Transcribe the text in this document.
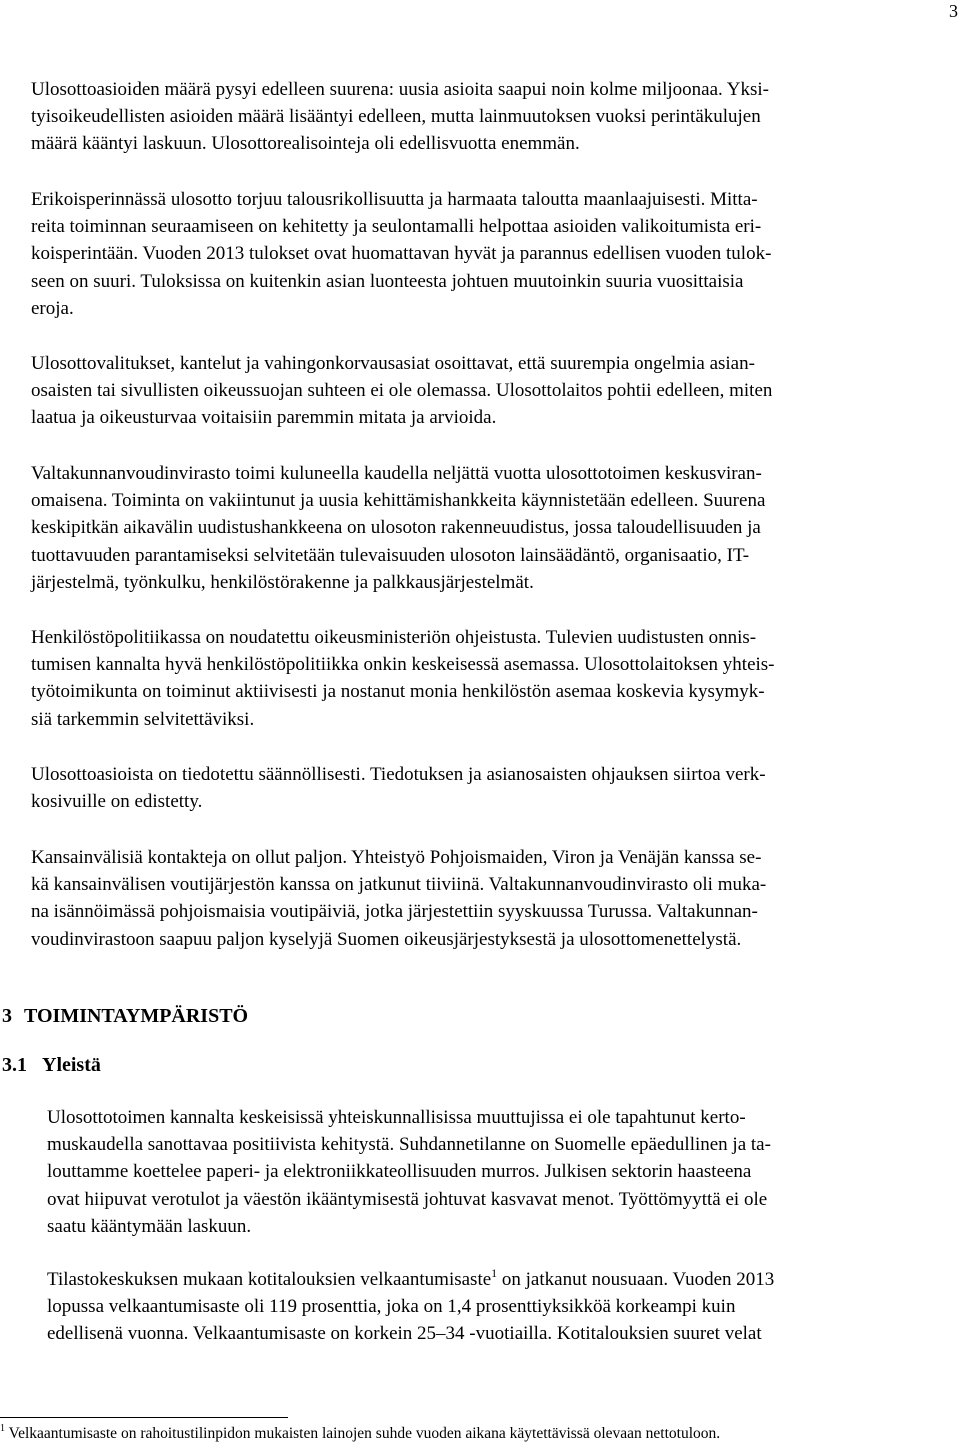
3
Ulosottoasioiden määrä pysyi edelleen suurena: uusia asioita saapui noin kolme miljoonaa. Yksi-
tyisoikeudellisten asioiden määrä lisääntyi edelleen, mutta lainmuutoksen vuoksi perintäkulujen
määrä kääntyi laskuun. Ulosottorealisointeja oli edellisvuotta enemmän.
Erikoisperinnässä ulosotto torjuu talousrikollisuutta ja harmaata taloutta maanlaajuisesti. Mitta-
reita toiminnan seuraamiseen on kehitetty ja seulontamalli helpottaa asioiden valikoitumista eri-
koisperintään. Vuoden 2013 tulokset ovat huomattavan hyvät ja parannus edellisen vuoden tulok-
seen on suuri. Tuloksissa on kuitenkin asian luonteesta johtuen muutoinkin suuria vuosittaisia
eroja.
Ulosottovalitukset, kantelut ja vahingonkorvausasiat osoittavat, että suurempia ongelmia asian-
osaisten tai sivullisten oikeussuojan suhteen ei ole olemassa. Ulosottolaitos pohtii edelleen, miten
laatua ja oikeusturvaa voitaisiin paremmin mitata ja arvioida.
Valtakunnanvoudinvirasto toimi kuluneella kaudella neljättä vuotta ulosottotoimen keskusviran-
omaisena. Toiminta on vakiintunut ja uusia kehittämishankkeita käynnistetään edelleen. Suurena
keskipitkän aikavälin uudistushankkeena on ulosoton rakenneuudistus, jossa taloudellisuuden ja
tuottavuuden parantamiseksi selvitetään tulevaisuuden ulosoton lainsäädäntö, organisaatio, IT-
järjestelmä, työnkulku, henkilöstörakenne ja palkkausjärjestelmät.
Henkilöstöpolitiikassa on noudatettu oikeusministeriön ohjeistusta. Tulevien uudistusten onnis-
tumisen kannalta hyvä henkilöstöpolitiikka onkin keskeisessä asemassa. Ulosottolaitoksen yhteis-
työtoimikunta on toiminut aktiivisesti ja nostanut monia henkilöstön asemaa koskevia kysymyk-
siä tarkemmin selvitettäviksi.
Ulosottoasioista on tiedotettu säännöllisesti. Tiedotuksen ja asianosaisten ohjauksen siirtoa verk-
kosivuille on edistetty.
Kansainvälisiä kontakteja on ollut paljon. Yhteistyö Pohjoismaiden, Viron ja Venäjän kanssa se-
kä kansainvälisen voutijärjestön kanssa on jatkunut tiiviinä. Valtakunnanvoudinvirasto oli muka-
na isännöimässä pohjoismaisia voutipäiviä, jotka järjestettiin syyskuussa Turussa. Valtakunnan-
voudinvirastoon saapuu paljon kyselyjä Suomen oikeusjärjestyksestä ja ulosottomenettelystä.
3 TOIMINTAYMPÄRISTÖ
3.1 Yleistä
Ulosottotoimen kannalta keskeisissä yhteiskunnallisissa muuttujissa ei ole tapahtunut kerto-
muskaudella sanottavaa positiivista kehitystä. Suhdannetilanne on Suomelle epäedullinen ja ta-
louttamme koettelee paperi- ja elektroniikkateollisuuden murros. Julkisen sektorin haasteena
ovat hiipuvat verotulot ja väestön ikääntymisestä johtuvat kasvavat menot. Työttömyyttä ei ole
saatu kääntymään laskuun.
Tilastokeskuksen mukaan kotitalouksien velkaantumisaste$^1$ on jatkanut nousuaan. Vuoden 2013
lopussa velkaantumisaste oli 119 prosenttia, joka on 1,4 prosenttiyksikköä korkeampi kuin
edellisenä vuonna. Velkaantumisaste on korkein 25–34 -vuotiailla. Kotitalouksien suuret velat
$^1$ Velkaantumisaste on rahoitustilinpidon mukaisten lainojen suhde vuoden aikana käytettävissä olevaan nettotuloon.
